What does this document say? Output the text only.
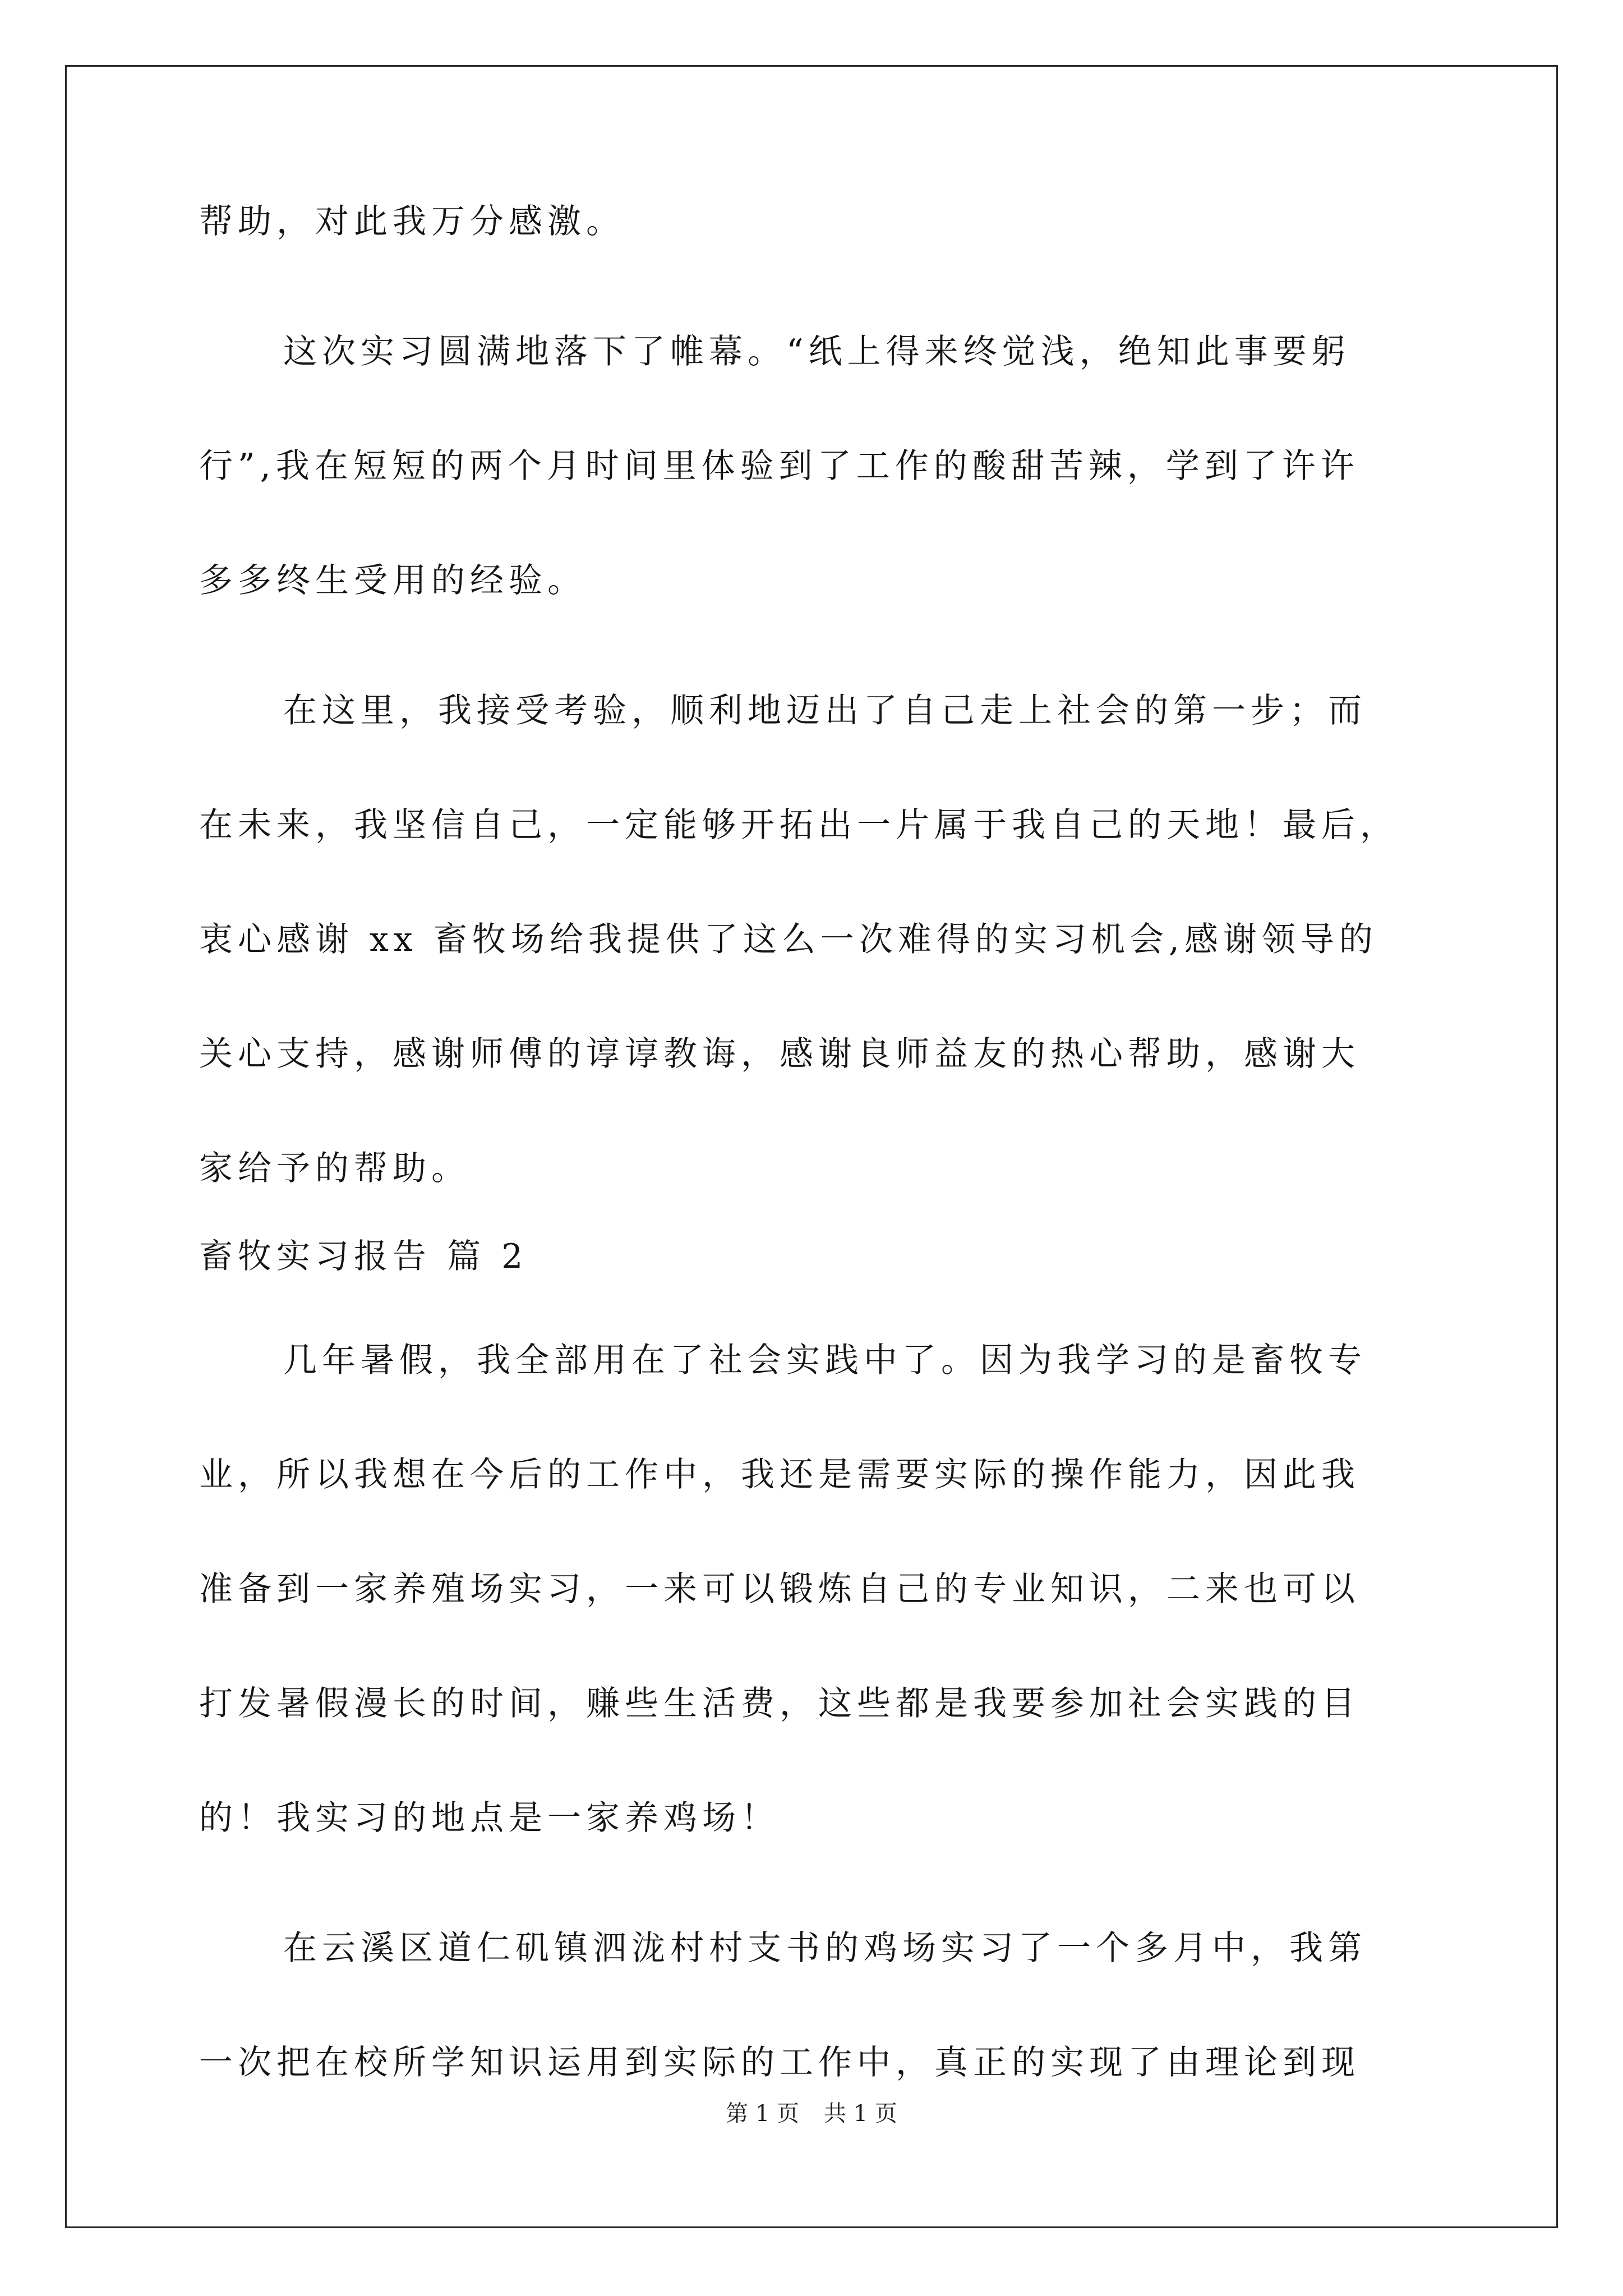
帮助，对此我万分感激。
这次实习圆满地落下了帷幕。“纸上得来终觉浅，绝知此事要躬
行”,我在短短的两个月时间里体验到了工作的酸甜苦辣，学到了许许
多多终生受用的经验。
在这里，我接受考验，顺利地迈出了自己走上社会的第一步；而
在未来，我坚信自己，一定能够开拓出一片属于我自己的天地！最后，
衷心感谢 xx 畜牧场给我提供了这么一次难得的实习机会,感谢领导的
关心支持，感谢师傅的谆谆教诲，感谢良师益友的热心帮助，感谢大
家给予的帮助。
畜牧实习报告 篇 2
几年暑假，我全部用在了社会实践中了。因为我学习的是畜牧专
业，所以我想在今后的工作中，我还是需要实际的操作能力，因此我
准备到一家养殖场实习，一来可以锻炼自己的专业知识，二来也可以
打发暑假漫长的时间，赚些生活费，这些都是我要参加社会实践的目
的！我实习的地点是一家养鸡场！
在云溪区道仁矶镇泗泷村村支书的鸡场实习了一个多月中，我第
一次把在校所学知识运用到实际的工作中，真正的实现了由理论到现
第 1 页 共 1 页
